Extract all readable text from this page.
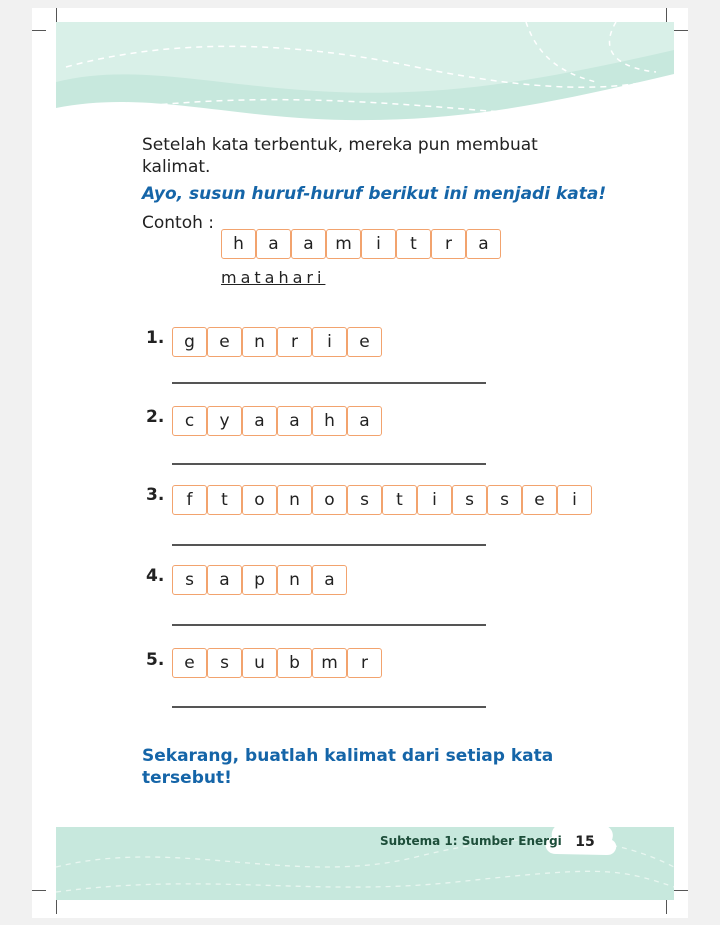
Setelah kata terbentuk, mereka pun membuat kalimat.
Ayo, susun huruf-huruf berikut ini menjadi kata!
Contoh :
h	a	a	m	i	t	r	a
matahari
1.	g	e	n	r	i	e
2.	c	y	a	a	h	a
3.	f	t	o	n	o	s	t	i	s	s	e	i
4.	s	a	p	n	a
5.	e	s	u	b	m	r
Sekarang, buatlah kalimat dari setiap kata tersebut!
Subtema 1: Sumber Energi 15
